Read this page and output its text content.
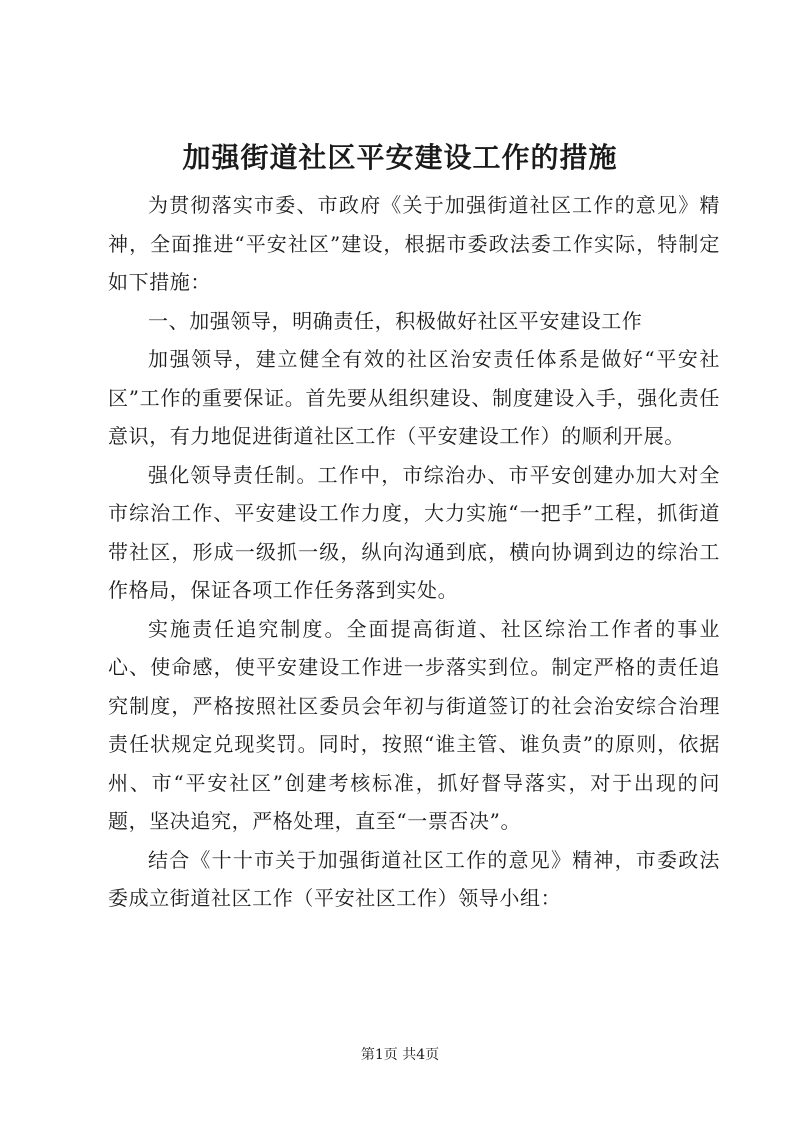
加强街道社区平安建设工作的措施

为贯彻落实市委、市政府《关于加强街道社区工作的意见》精神，全面推进“平安社区”建设，根据市委政法委工作实际，特制定如下措施：

一、加强领导，明确责任，积极做好社区平安建设工作

加强领导，建立健全有效的社区治安责任体系是做好“平安社区”工作的重要保证。首先要从组织建设、制度建设入手，强化责任意识，有力地促进街道社区工作（平安建设工作）的顺利开展。

强化领导责任制。工作中，市综治办、市平安创建办加大对全市综治工作、平安建设工作力度，大力实施“一把手”工程，抓街道带社区，形成一级抓一级，纵向沟通到底，横向协调到边的综治工作格局，保证各项工作任务落到实处。

实施责任追究制度。全面提高街道、社区综治工作者的事业心、使命感，使平安建设工作进一步落实到位。制定严格的责任追究制度，严格按照社区委员会年初与街道签订的社会治安综合治理责任状规定兑现奖罚。同时，按照“谁主管、谁负责”的原则，依据州、市“平安社区”创建考核标准，抓好督导落实，对于出现的问题，坚决追究，严格处理，直至“一票否决”。

结合《十十市关于加强街道社区工作的意见》精神，市委政法委成立街道社区工作（平安社区工作）领导小组：

第1页 共4页
